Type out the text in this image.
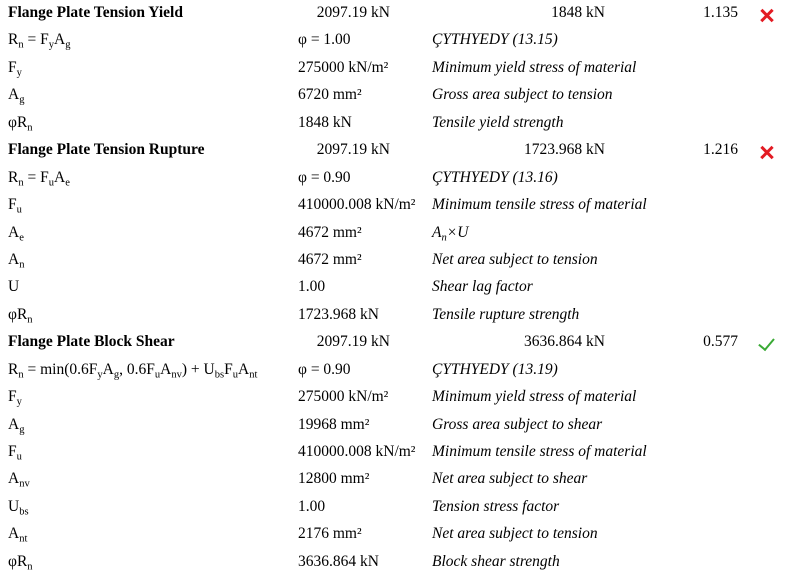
Flange Plate Tension Yield	2097.19 kN	1848 kN	1.135
$R_n = F_yA_g$	φ = 1.00	ÇYTHYEDY (13.15)
$F_y$	275000 kN/m²	Minimum yield stress of material
$A_g$	6720 mm²	Gross area subject to tension
$\varphi R_n$	1848 kN	Tensile yield strength
Flange Plate Tension Rupture	2097.19 kN	1723.968 kN	1.216
$R_n = F_uA_e$	φ = 0.90	ÇYTHYEDY (13.16)
$F_u$	410000.008 kN/m²	Minimum tensile stress of material
$A_e$	4672 mm²	$A_n\times U$
$A_n$	4672 mm²	Net area subject to tension
U	1.00	Shear lag factor
$\varphi R_n$	1723.968 kN	Tensile rupture strength
Flange Plate Block Shear	2097.19 kN	3636.864 kN	0.577
$R_n = \min(0.6F_yA_g$, $0.6F_uA_{nv}) + U_{bs}F_uA_{nt}$	φ = 0.90	ÇYTHYEDY (13.19)
$F_y$	275000 kN/m²	Minimum yield stress of material
$A_g$	19968 mm²	Gross area subject to shear
$F_u$	410000.008 kN/m²	Minimum tensile stress of material
$A_{nv}$	12800 mm²	Net area subject to shear
$U_{bs}$	1.00	Tension stress factor
$A_{nt}$	2176 mm²	Net area subject to tension
$\varphi R_n$	3636.864 kN	Block shear strength
